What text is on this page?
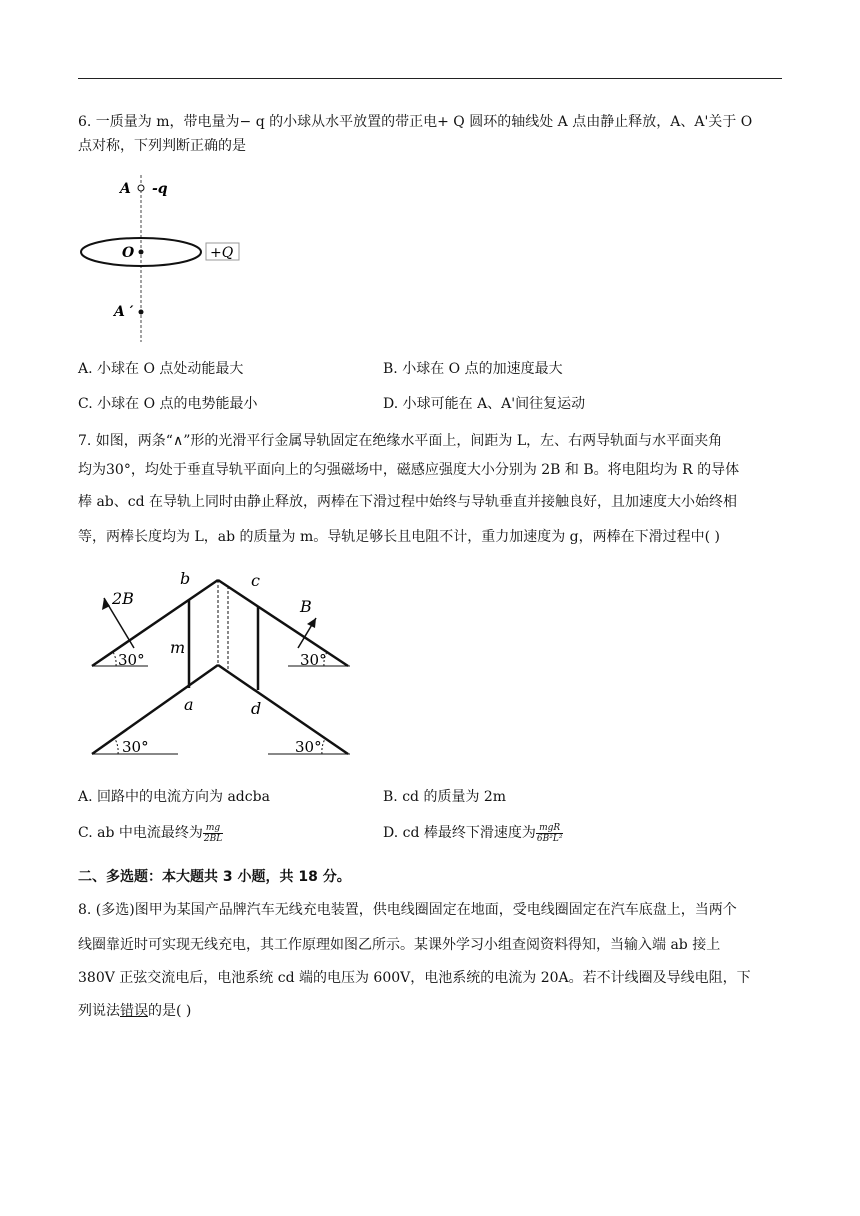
6. 一质量为 m，带电量为− q 的小球从水平放置的带正电+ Q 圆环的轴线处 A 点由静止释放，A、A'关于 O
点对称，下列判断正确的是
A -q
O	+Q
A ′
A. 小球在 O 点处动能最大	B. 小球在 O 点的加速度最大
C. 小球在 O 点的电势能最小	D. 小球可能在 A、A'间往复运动
7. 如图，两条“∧”形的光滑平行金属导轨固定在绝缘水平面上，间距为 L，左、右两导轨面与水平面夹角
均为30°，均处于垂直导轨平面向上的匀强磁场中，磁感应强度大小分别为 2B 和 B。将电阻均为 R 的导体
棒 ab、cd 在导轨上同时由静止释放，两棒在下滑过程中始终与导轨垂直并接触良好，且加速度大小始终相
等，两棒长度均为 L，ab 的质量为 m。导轨足够长且电阻不计，重力加速度为 g，两棒在下滑过程中( )
2B	B
b	c
m
a	d
30°	30°
30°	30°
A. 回路中的电流方向为 adcba	B. cd 的质量为 2m
C. ab 中电流最终为 $\frac{mg}{2BL}$	D. cd 棒最终下滑速度为 $\frac{\text{mgR}}{\text{6B²L²}}$
二、多选题：本大题共 3 小题，共 18 分。
8. (多选)图甲为某国产品牌汽车无线充电装置，供电线圈固定在地面，受电线圈固定在汽车底盘上，当两个
线圈靠近时可实现无线充电，其工作原理如图乙所示。某课外学习小组查阅资料得知，当输入端 ab 接上
380V 正弦交流电后，电池系统 cd 端的电压为 600V，电池系统的电流为 20A。若不计线圈及导线电阻，下
列说法错误的是( )
